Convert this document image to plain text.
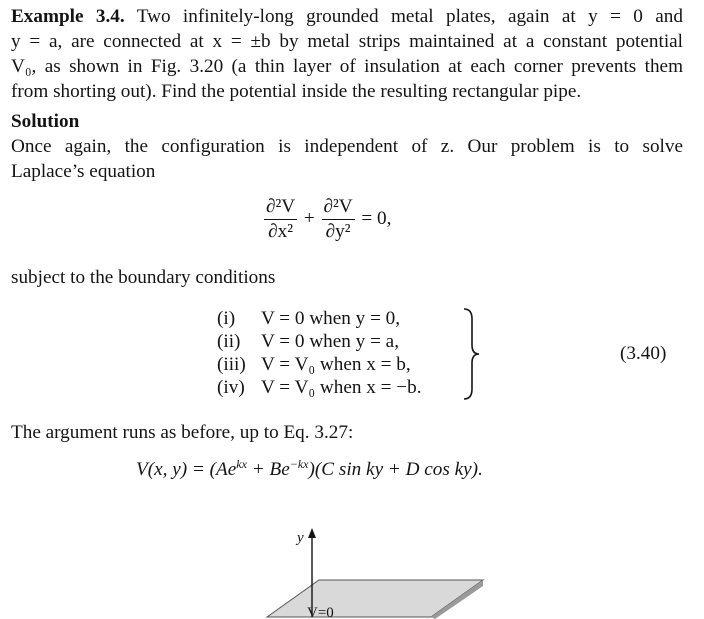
Example 3.4. Two infinitely-long grounded metal plates, again at y = 0 and
y = a, are connected at x = ±b by metal strips maintained at a constant potential
V₀, as shown in Fig. 3.20 (a thin layer of insulation at each corner prevents them
from shorting out). Find the potential inside the resulting rectangular pipe.
Solution
Once again, the configuration is independent of z. Our problem is to solve
Laplace’s equation
$\frac{\text{∂²V}}{\text{∂x²}} + \frac{\text{∂²V}}{\text{∂y²}} = 0$,
subject to the boundary conditions
(i) V = 0 when y = 0,
(ii) V = 0 when y = a,
(iii) V = V₀ when x = b,
(iv) V = V₀ when x = −b.
(3.40)
The argument runs as before, up to Eq. 3.27:
V(x, $y) = (Ae^{kx} + Be^{-kx})(C$ sin ky + D cos ky).
y
V=0
